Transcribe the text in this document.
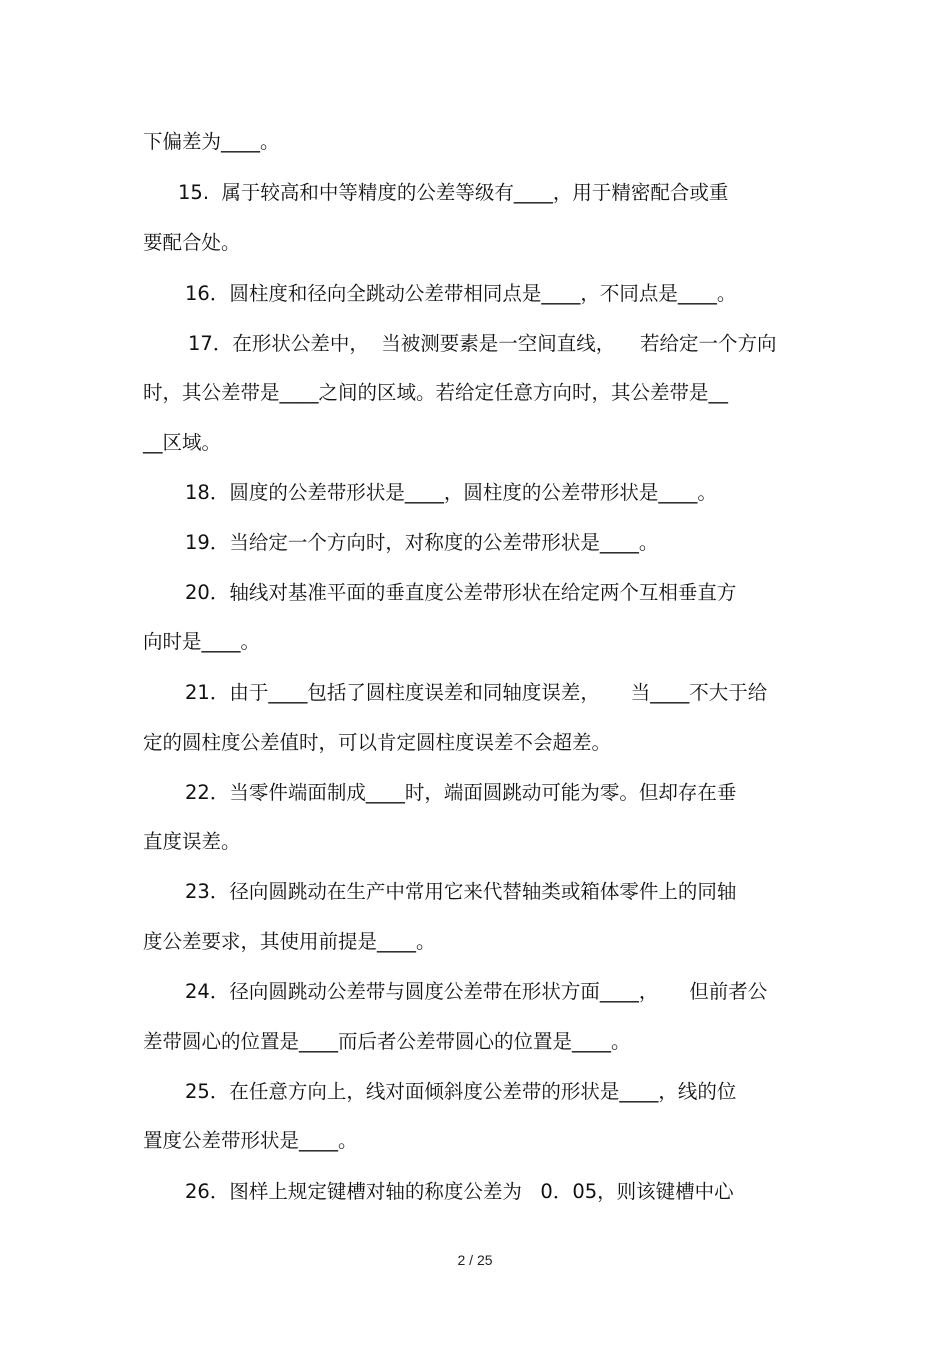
下偏差为____。
15.  属于较高和中等精度的公差等级有____，用于精密配合或重
要配合处。
16．圆柱度和径向全跳动公差带相同点是____，不同点是____。
17．在形状公差中，  当被测要素是一空间直线，    若给定一个方向
时，其公差带是____之间的区域。若给定任意方向时，其公差带是__
__区域。
18．圆度的公差带形状是____，圆柱度的公差带形状是____。
19．当给定一个方向时，对称度的公差带形状是____。
20．轴线对基准平面的垂直度公差带形状在给定两个互相垂直方
向时是____。
21．由于____包括了圆柱度误差和同轴度误差，     当____不大于给
定的圆柱度公差值时，可以肯定圆柱度误差不会超差。
22．当零件端面制成____时，端面圆跳动可能为零。但却存在垂
直度误差。
23．径向圆跳动在生产中常用它来代替轴类或箱体零件上的同轴
度公差要求，其使用前提是____。
24．径向圆跳动公差带与圆度公差带在形状方面____，     但前者公
差带圆心的位置是____而后者公差带圆心的位置是____。
25．在任意方向上，线对面倾斜度公差带的形状是____，线的位
置度公差带形状是____。
26．图样上规定键槽对轴的称度公差为   0．05，则该键槽中心
2 / 25
